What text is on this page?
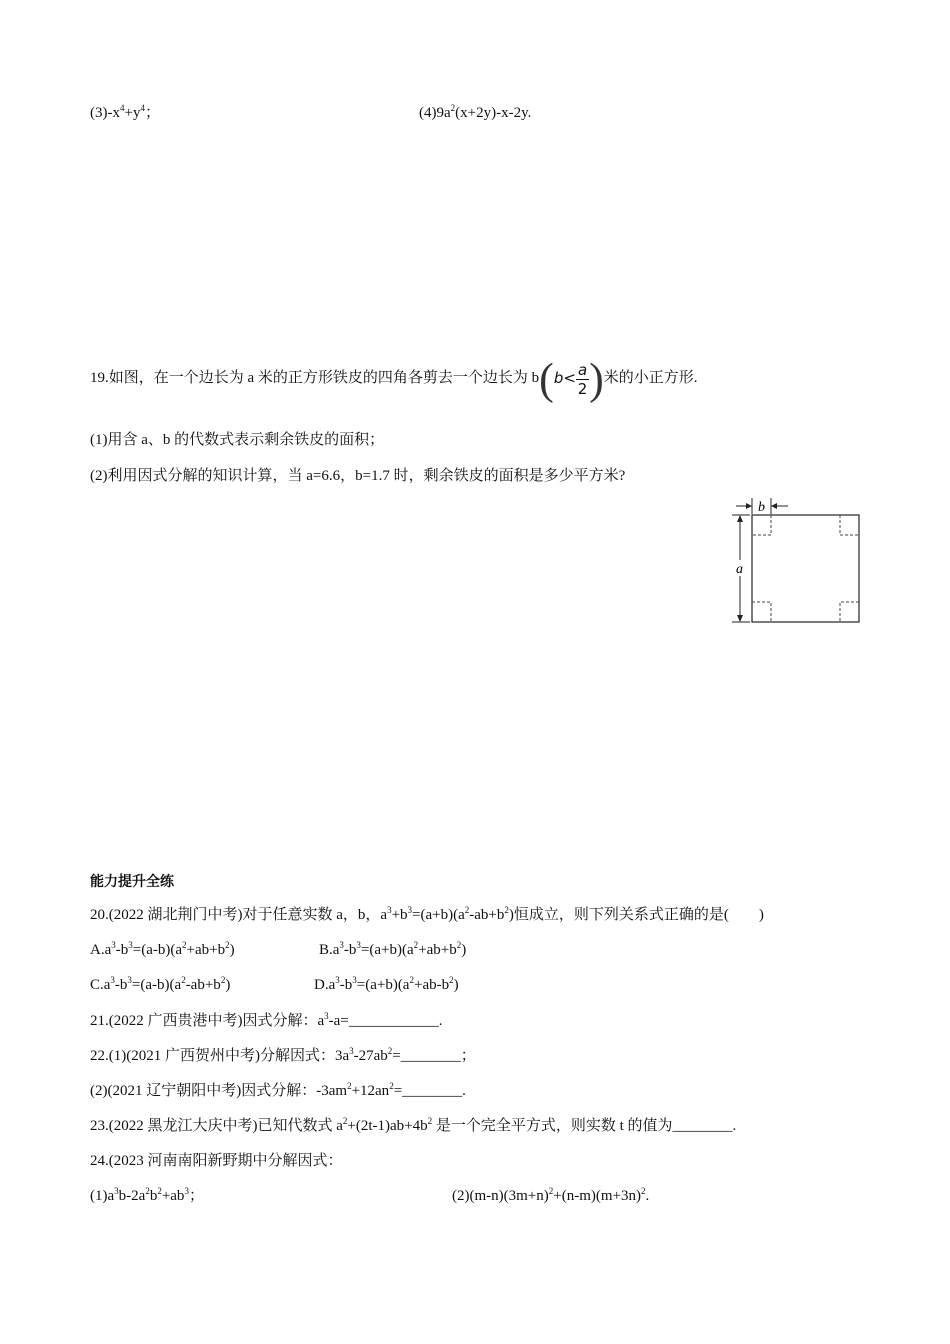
$(3)-x^4+y^4$；	$(4)9a^2(x+2y)-x-2y$.
19.如图，在一个边长为 a 米的正方形铁皮的四角各剪去一个边长为 $b(b< \frac{a}{2}$ )米的小正方形.
(1)用含 a、b 的代数式表示剩余铁皮的面积；
(2)利用因式分解的知识计算，当 a=6.6，b=1.7 时，剩余铁皮的面积是多少平方米?
b
a
能力提升全练
20.(2022 湖北荆门中考)对于任意实数 a，b，$a^3+b^3=(a+b)(a^2-ab+b^2)$恒成立，则下列关系式正确的是(　　)
$A.a^3-b^3=(a-b)(a^2+ab+b^2)$	$B.a^3-b^3=(a+b)(a^2+ab+b^2)$
$C.a^3-b^3=(a-b)(a^2-ab+b^2)$	$D.a^3-b^3=(a+b)(a^2+ab-b^2)$
21.(2022 广西贵港中考)因式分解：$a^3-a=\_\_\_\_\_\_\_\_\_\_\_\_$.
22.(1)(2021 广西贺州中考)分解因式：$3a^3-27ab^2=\_\_\_\_\_\_\_\_$；
(2)(2021 辽宁朝阳中考)因式分解：$-3am^2+12an^2=\_\_\_\_\_\_\_\_$.
23.(2022 黑龙江大庆中考)已知代数式 $a^2+(2t-1)ab+4b^2$ 是一个完全平方式，则实数 t 的值为________.
24.(2023 河南南阳新野期中分解因式：
$(1)a^3b-2a^2b^2+ab^3$；	$(2)(m-n)(3m+n)^2+(n-m)(m+3n)^2$.
